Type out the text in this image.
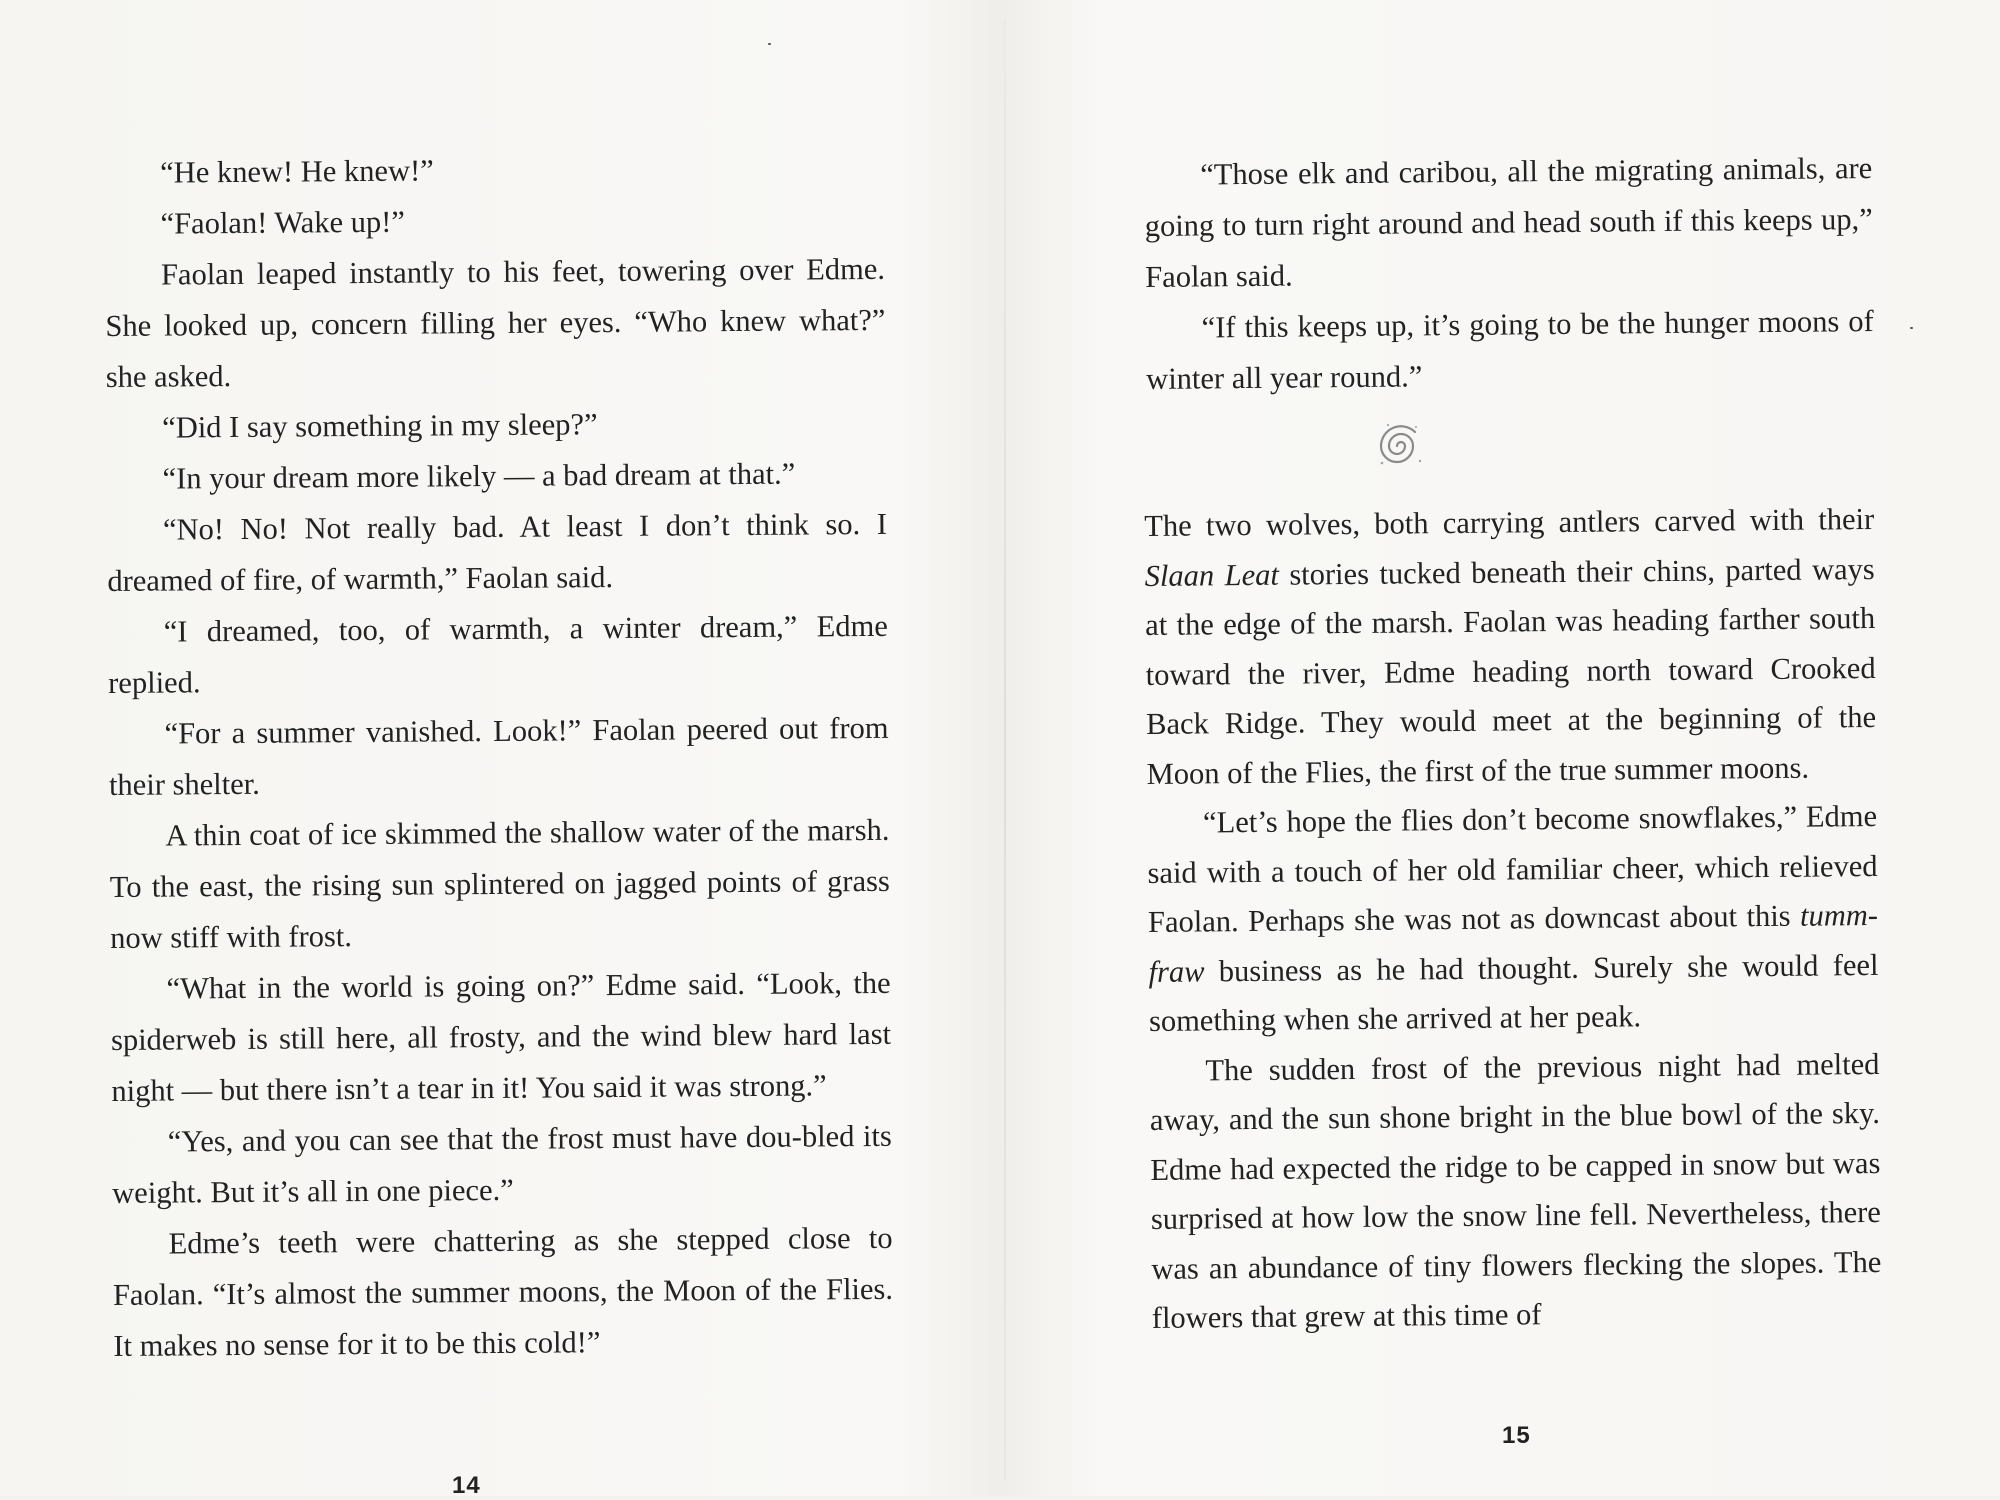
“He knew! He knew!”

“Faolan! Wake up!”

Faolan leaped instantly to his feet, towering over Edme. She looked up, concern filling her eyes. “Who knew what?” she asked.

“Did I say something in my sleep?”

“In your dream more likely — a bad dream at that.”

“No! No! Not really bad. At least I don’t think so. I dreamed of fire, of warmth,” Faolan said.

“I dreamed, too, of warmth, a winter dream,” Edme replied.

“For a summer vanished. Look!” Faolan peered out from their shelter.

A thin coat of ice skimmed the shallow water of the marsh. To the east, the rising sun splintered on jagged points of grass now stiff with frost.

“What in the world is going on?” Edme said. “Look, the spiderweb is still here, all frosty, and the wind blew hard last night — but there isn’t a tear in it! You said it was strong.”

“Yes, and you can see that the frost must have dou-bled its weight. But it’s all in one piece.”

Edme’s teeth were chattering as she stepped close to Faolan. “It’s almost the summer moons, the Moon of the Flies. It makes no sense for it to be this cold!”

14

“Those elk and caribou, all the migrating animals, are going to turn right around and head south if this keeps up,” Faolan said.

“If this keeps up, it’s going to be the hunger moons of winter all year round.”

The two wolves, both carrying antlers carved with their Slaan Leat stories tucked beneath their chins, parted ways at the edge of the marsh. Faolan was heading farther south toward the river, Edme heading north toward Crooked Back Ridge. They would meet at the beginning of the Moon of the Flies, the first of the true summer moons.

“Let’s hope the flies don’t become snowflakes,” Edme said with a touch of her old familiar cheer, which relieved Faolan. Perhaps she was not as downcast about this tumm-fraw business as he had thought. Surely she would feel something when she arrived at her peak.

The sudden frost of the previous night had melted away, and the sun shone bright in the blue bowl of the sky. Edme had expected the ridge to be capped in snow but was surprised at how low the snow line fell. Nevertheless, there was an abundance of tiny flowers flecking the slopes. The flowers that grew at this time of

15
